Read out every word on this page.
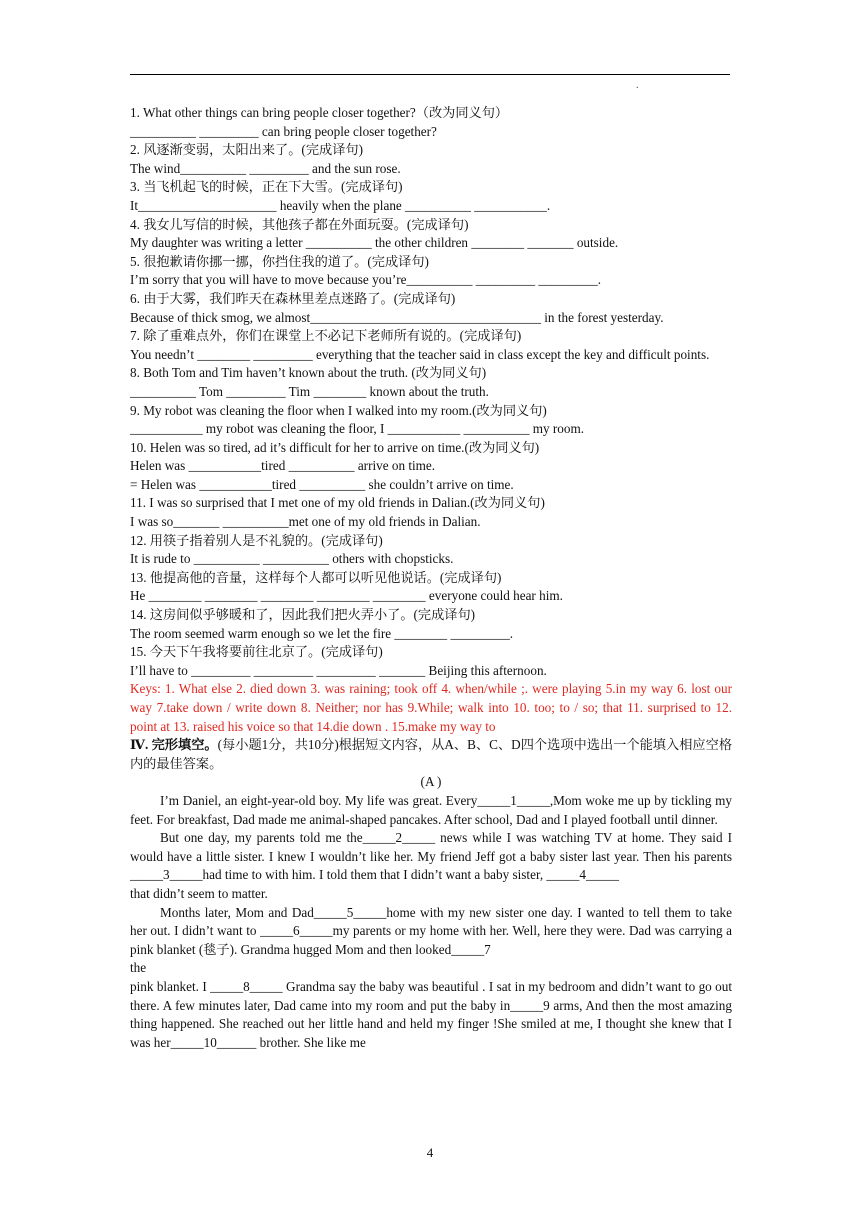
.
1. What other things can bring people closer together?（改为同义句）
__________ _________ can bring people closer together?
2. 风逐渐变弱，太阳出来了。(完成译句)
The wind__________ _________ and the sun rose.
3. 当飞机起飞的时候，正在下大雪。(完成译句)
It_____________________ heavily when the plane __________ ___________.
4. 我女儿写信的时候，其他孩子都在外面玩耍。(完成译句)
My daughter was writing a letter __________ the other children ________ _______ outside.
5. 很抱歉请你挪一挪，你挡住我的道了。(完成译句)
I’m sorry that you will have to move because you’re__________ _________ _________.
6. 由于大雾，我们昨天在森林里差点迷路了。(完成译句)
Because of thick smog, we almost___________________________________ in the forest yesterday.
7. 除了重难点外，你们在课堂上不必记下老师所有说的。(完成译句)
You needn’t ________ _________ everything that the teacher said in class except the key and difficult points.
8. Both Tom and Tim haven’t known about the truth. (改为同义句)
__________ Tom _________ Tim ________ known about the truth.
9. My robot was cleaning the floor when I walked into my room.(改为同义句)
___________ my robot was cleaning the floor, I ___________ __________ my room.
10. Helen was so tired, ad it’s difficult for her to arrive on time.(改为同义句)
Helen was ___________tired __________ arrive on time.
= Helen was ___________tired __________ she couldn’t arrive on time.
11. I was so surprised that I met one of my old friends in Dalian.(改为同义句)
I was so_______ __________met one of my old friends in Dalian.
12. 用筷子指着别人是不礼貌的。(完成译句)
It is rude to __________ __________ others with chopsticks.
13. 他提高他的音量，这样每个人都可以听见他说话。(完成译句)
He ________ ________ ________ ________ ________ everyone could hear him.
14. 这房间似乎够暖和了，因此我们把火弄小了。(完成译句)
The room seemed warm enough so we let the fire ________ _________.
15. 今天下午我将要前往北京了。(完成译句)
I’ll have to _________ _________ _________ _______ Beijing this afternoon.
Keys: 1. What else 2. died down 3. was raining; took off 4. when/while ;. were playing 5.in my way 6. lost our way 7.take down / write down 8. Neither; nor has 9.While; walk into 10. too; to / so; that 11. surprised to 12. point at 13. raised his voice so that 14.die down . 15.make my way to
Ⅳ. 完形填空。(每小题1分，共10分)根据短文内容，从A、B、C、D四个选项中选出一个能填入相应空格内的最佳答案。
(A )
I’m Daniel, an eight-year-old boy. My life was great. Every_____1_____,Mom woke me up by tickling my feet. For breakfast, Dad made me animal-shaped pancakes. After school, Dad and I played football until dinner.
But one day, my parents told me the_____2_____ news while I was watching TV at home. They said I would have a little sister. I knew I wouldn’t like her. My friend Jeff got a baby sister last year. Then his parents _____3_____had time to with him. I told them that I didn’t want a baby sister, _____4_____
that didn’t seem to matter.
Months later, Mom and Dad_____5_____home with my new sister one day. I wanted to tell them to take her out. I didn’t want to _____6_____my parents or my home with her. Well, here they were. Dad was carrying a pink blanket (毯子). Grandma hugged Mom and then looked_____7
the
pink blanket. I _____8_____ Grandma say the baby was beautiful . I sat in my bedroom and didn’t want to go out there. A few minutes later, Dad came into my room and put the baby in_____9 arms, And then the most amazing thing happened. She reached out her little hand and held my finger !She smiled at me, I thought she knew that I was her_____10______ brother. She like me
4
